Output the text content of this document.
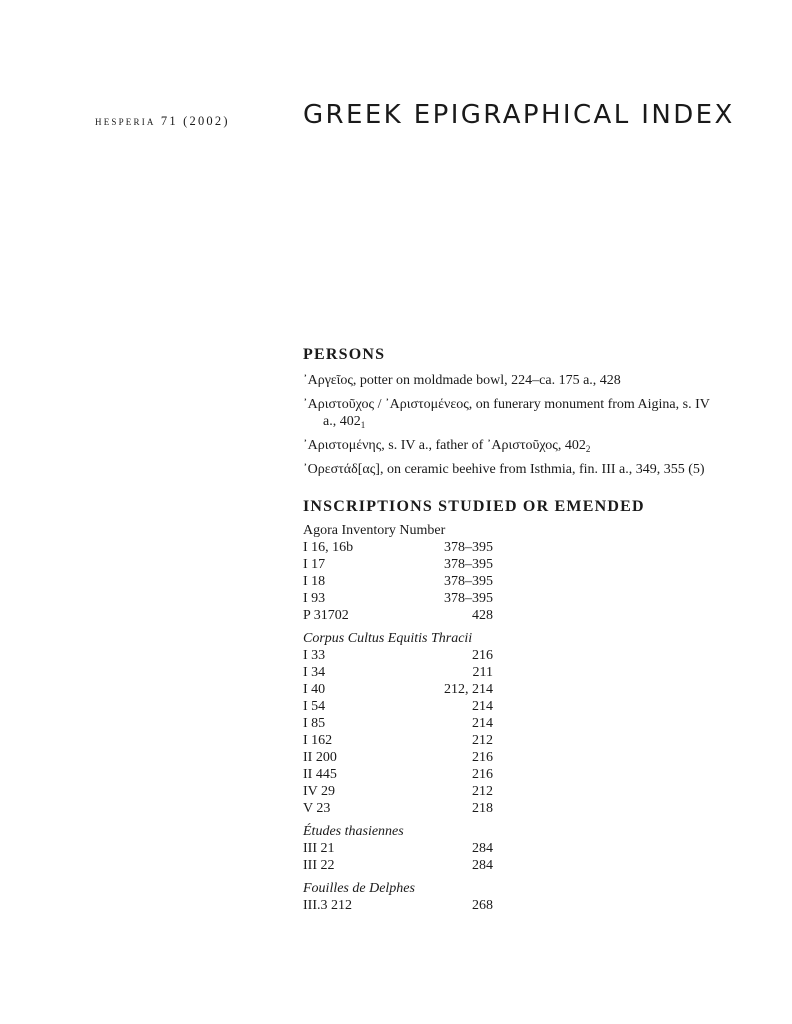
hesperia 71 (2002)	GREEK EPIGRAPHICAL INDEX
PERSONS
᾿Αργεῖος, potter on moldmade bowl, 224–ca. 175 a., 428
᾿Αριστοῦχος / ᾿Αριστομένεος, on funerary monument from Aigina, s. IV a., $402_1$
᾿Αριστομένης, s. IV a., father of ᾿Αριστοῦχος, $402_2$
᾿Ορεστάδ[ας], on ceramic beehive from Isthmia, fin. III a., 349, 355 (5)
INSCRIPTIONS STUDIED OR EMENDED
Agora Inventory Number
I 16, 16b	378–395
I 17	378–395
I 18	378–395
I 93	378–395
P 31702	428
Corpus Cultus Equitis Thracii
I 33	216
I 34	211
I 40	212, 214
I 54	214
I 85	214
I 162	212
II 200	216
II 445	216
IV 29	212
V 23	218
Études thasiennes
III 21	284
III 22	284
Fouilles de Delphes
III.3 212	268
